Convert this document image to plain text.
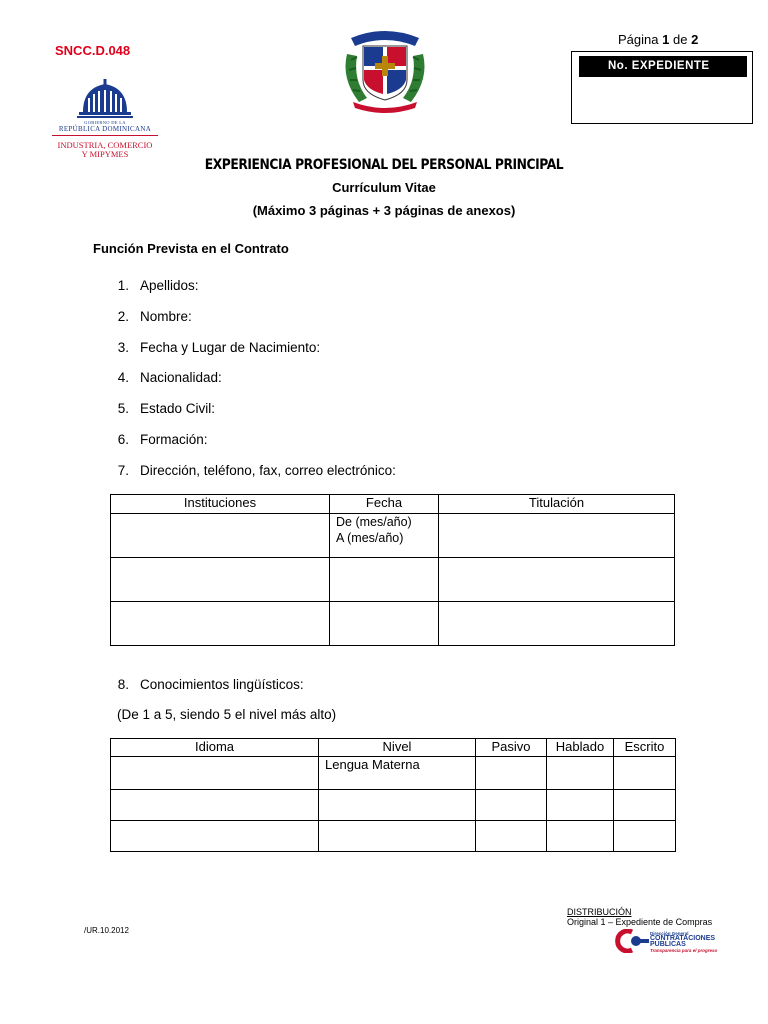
SNCC.D.048
GOBIERNO DE LA
REPÚBLICA DOMINICANA
INDUSTRIA, COMERCIO
Y MIPYMES
Página 1 de 2
No. EXPEDIENTE
EXPERIENCIA PROFESIONAL DEL PERSONAL PRINCIPAL
Currículum Vitae
(Máximo 3 páginas + 3 páginas de anexos)
Función Prevista en el Contrato
1. Apellidos:
2. Nombre:
3. Fecha y Lugar de Nacimiento:
4. Nacionalidad:
5. Estado Civil:
6. Formación:
7. Dirección, teléfono, fax, correo electrónico:
Instituciones	Fecha	Titulación

	De (mes/año)
A (mes/año)	

8. Conocimientos lingüísticos:
(De 1 a 5, siendo 5 el nivel más alto)
Idioma	Nivel	Pasivo	Hablado	Escrito

	Lengua Materna			

/UR.10.2012
DISTRIBUCIÓN
Original 1 – Expediente de Compras
Dirección General
CONTRATACIONES
PÚBLICAS
Transparencia para el progreso
